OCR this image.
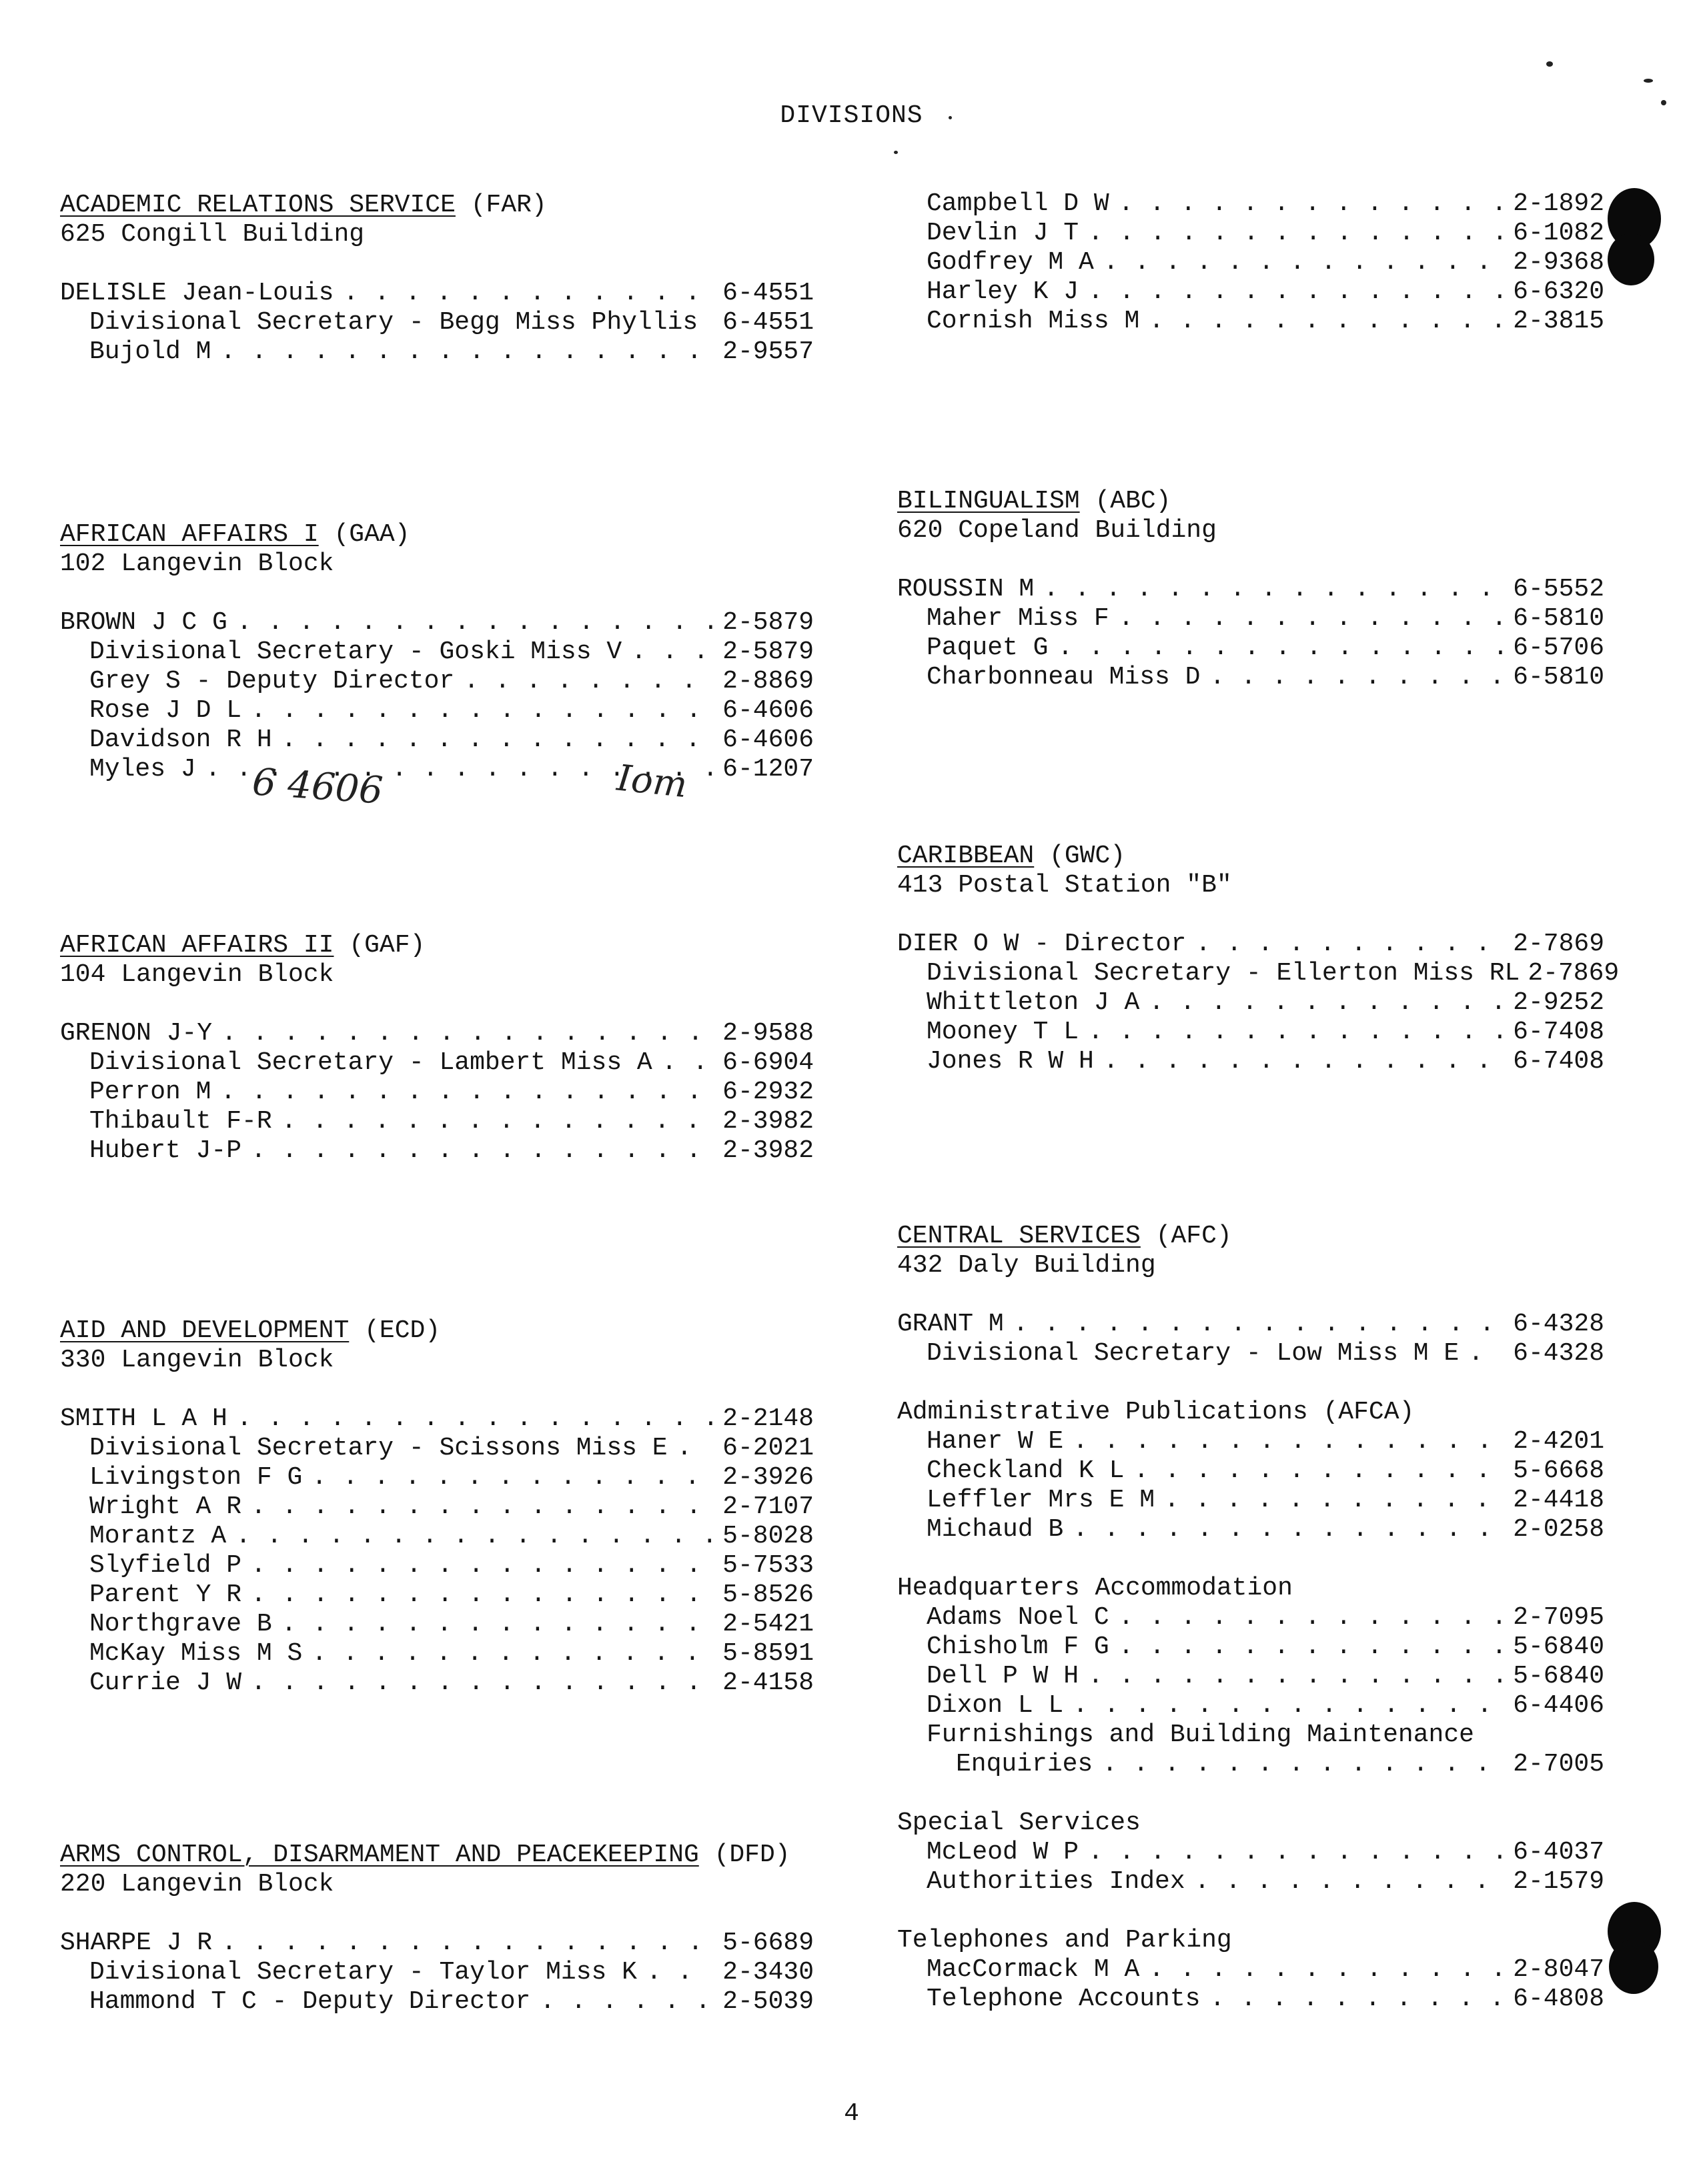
DIVISIONS
ACADEMIC RELATIONS SERVICE (FAR)
625 Congill Building
DELISLE Jean-Louis . . .	6-4551
Divisional Secretary - Begg Miss Phyllis . . . 6-4551
Bujold M . . .	2-9557
AFRICAN AFFAIRS I (GAA)
102 Langevin Block
BROWN J C G . . .	2-5879
Divisional Secretary - Goski Miss V . . .	2-5879
Grey S - Deputy Director . . .	2-8869
Rose J D L . . .	6-4606
Davidson R H . . .	6-4606
Myles J . . .	6-1207
6 4606	Iom
AFRICAN AFFAIRS II (GAF)
104 Langevin Block
GRENON J-Y . . .	2-9588
Divisional Secretary - Lambert Miss A . . .	6-6904
Perron M . . .	6-2932
Thibault F-R . . .	2-3982
Hubert J-P . . .	2-3982
AID AND DEVELOPMENT (ECD)
330 Langevin Block
SMITH L A H . . .	2-2148
Divisional Secretary - Scissons Miss E . . . 6-2021
Livingston F G . . .	2-3926
Wright A R . . .	2-7107
Morantz A . . .	5-8028
Slyfield P . . .	5-7533
Parent Y R . . .	5-8526
Northgrave B . . .	2-5421
McKay Miss M S . . .	5-8591
Currie J W . . .	2-4158
ARMS CONTROL, DISARMAMENT AND PEACEKEEPING (DFD)
220 Langevin Block
SHARPE J R . . .	5-6689
Divisional Secretary - Taylor Miss K . . .	2-3430
Hammond T C - Deputy Director . . .	2-5039
Campbell D W . . .	2-1892
Devlin J T . . .	6-1082
Godfrey M A . . .	2-9368
Harley K J . . .	6-6320
Cornish Miss M . . .	2-3815
BILINGUALISM (ABC)
620 Copeland Building
ROUSSIN M . . .	6-5552
Maher Miss F . . .	6-5810
Paquet G . . .	6-5706
Charbonneau Miss D . . .	6-5810
CARIBBEAN (GWC)
413 Postal Station "B"
DIER O W - Director . . .	2-7869
Divisional Secretary - Ellerton Miss RL 2-7869
Whittleton J A . . .	2-9252
Mooney T L . . .	6-7408
Jones R W H . . .	6-7408
CENTRAL SERVICES (AFC)
432 Daly Building
GRANT M . . .	6-4328
Divisional Secretary - Low Miss M E . . . 6-4328
Administrative Publications (AFCA)
Haner W E . . .	2-4201
Checkland K L . . .	5-6668
Leffler Mrs E M . . .	2-4418
Michaud B . . .	2-0258
Headquarters Accommodation
Adams Noel C . . .	2-7095
Chisholm F G . . .	5-6840
Dell P W H . . .	5-6840
Dixon L L . . .	6-4406
Furnishings and Building Maintenance
Enquiries . . .	2-7005
Special Services
McLeod W P . . .	6-4037
Authorities Index . . .	2-1579
Telephones and Parking
MacCormack M A . . .	2-8047
Telephone Accounts . . .	6-4808
4
